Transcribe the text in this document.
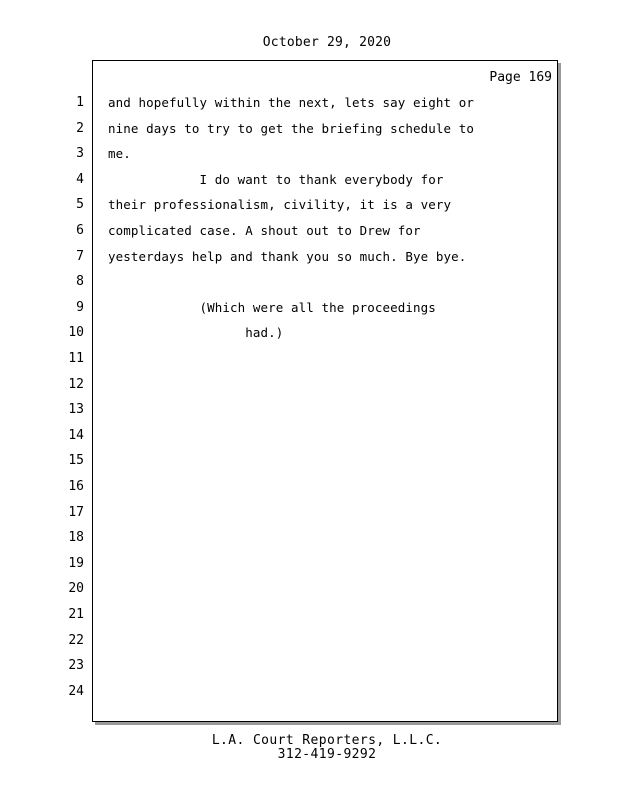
October 29, 2020
Page 169
1 and hopefully within the next, lets say eight or
2 nine days to try to get the briefing schedule to
3 me.
4 I do want to thank everybody for
5 their professionalism, civility, it is a very
6 complicated case. A shout out to Drew for
7 yesterdays help and thank you so much. Bye bye.
8
9 (Which were all the proceedings
10 had.)
11
12
13
14
15
16
17
18
19
20
21
22
23
24
L.A. Court Reporters, L.L.C.
312-419-9292
